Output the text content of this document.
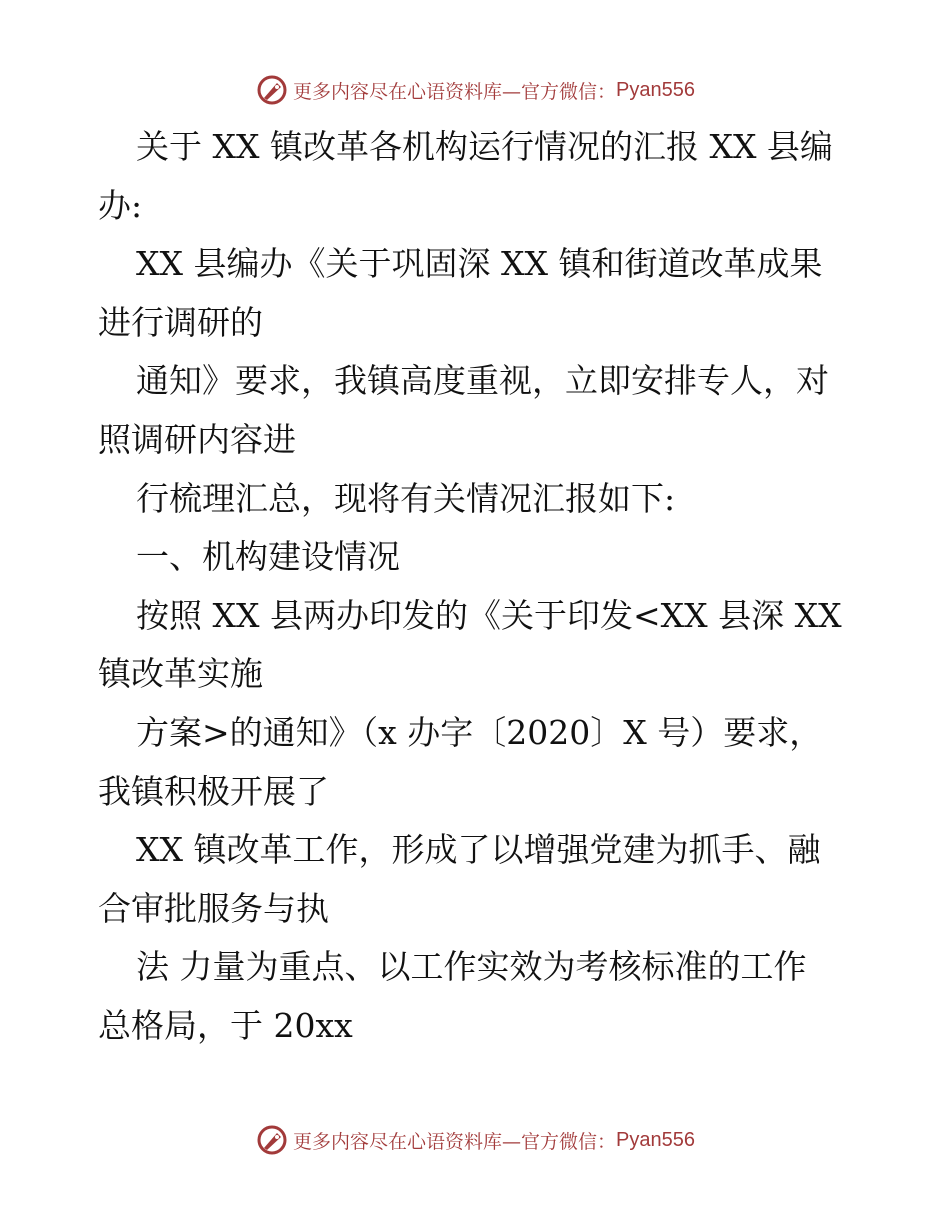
更多内容尽在心语资料库—官方微信： Pyan556
关于 XX 镇改革各机构运行情况的汇报 XX 县编
办:
XX 县编办《关于巩固深 XX 镇和街道改革成果
进行调研的
通知》要求，我镇高度重视，立即安排专人，对
照调研内容进
行梳理汇总，现将有关情况汇报如下:
一、机构建设情况
按照 XX 县两办印发的《关于印发<XX 县深 XX
镇改革实施
方案>的通知》（x 办字〔2020〕X 号）要求，
我镇积极开展了
XX 镇改革工作，形成了以增强党建为抓手、融
合审批服务与执
法 力量为重点、以工作实效为考核标准的工作
总格局，于 20xx
更多内容尽在心语资料库—官方微信： Pyan556
